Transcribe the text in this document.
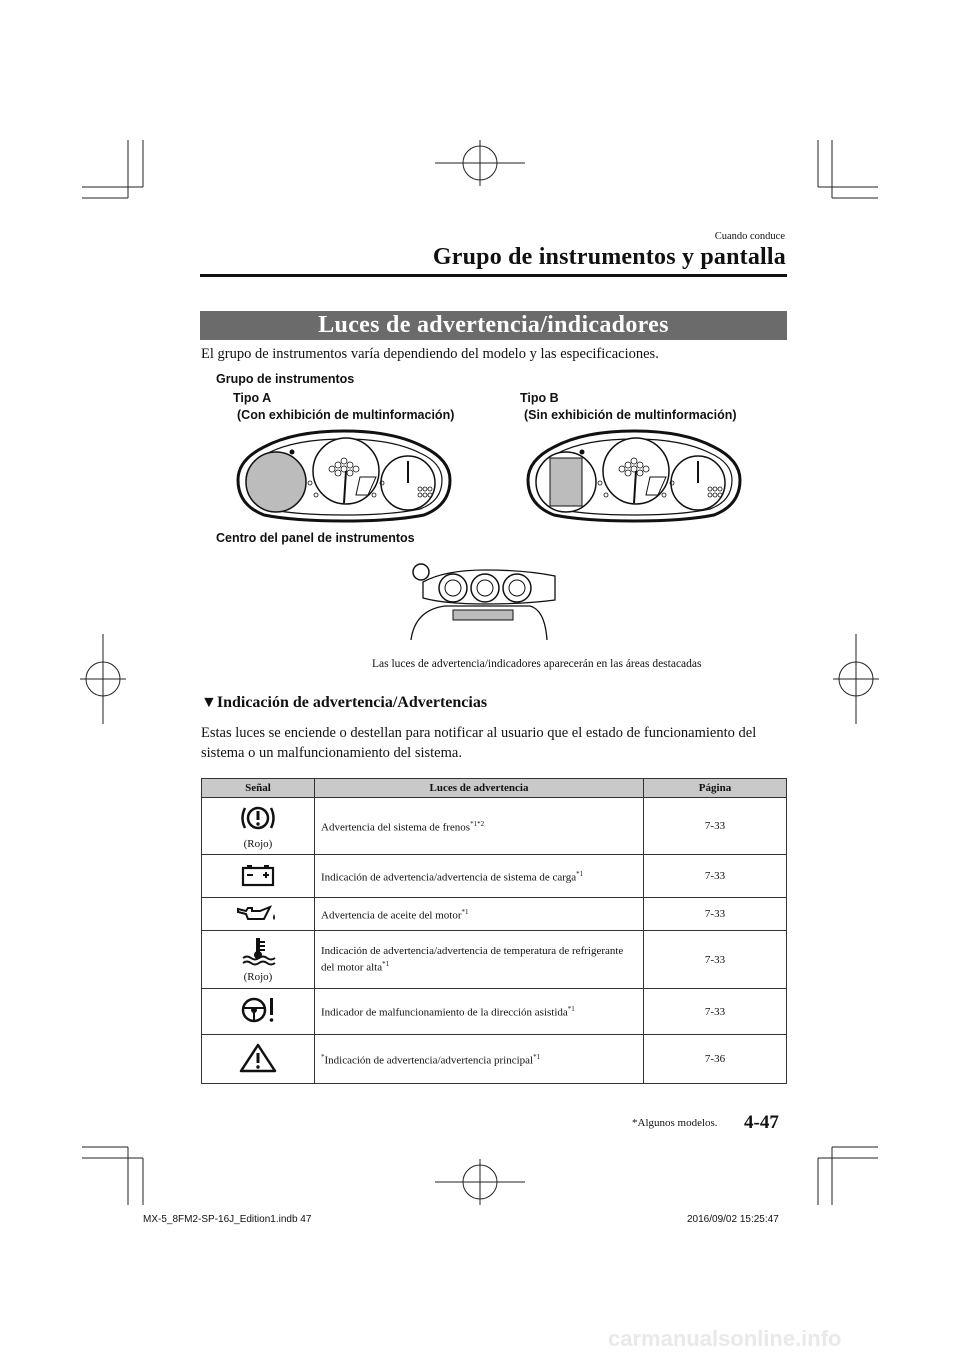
Cuando conduce
Grupo de instrumentos y pantalla
Luces de advertencia/indicadores
El grupo de instrumentos varía dependiendo del modelo y las especificaciones.
Grupo de instrumentos
Tipo A
(Con exhibición de multinformación)
Tipo B
(Sin exhibición de multinformación)
Centro del panel de instrumentos
Las luces de advertencia/indicadores aparecerán en las áreas destacadas
▼Indicación de advertencia/Advertencias
Estas luces se enciende o destellan para notificar al usuario que el estado de funcionamiento del sistema o un malfuncionamiento del sistema.
Señal	Luces de advertencia	Página

(Rojo)	Advertencia del sistema de frenos$^{*1*2}$	7-33
	Indicación de advertencia/advertencia de sistema de carga$^{*1}$	7-33
	Advertencia de aceite del motor$^{*1}$	7-33

(Rojo)	Indicación de advertencia/advertencia de temperatura de refrigerante del motor alta$^{*1}$	7-33
	Indicador de malfuncionamiento de la dirección asistida$^{*1}$	7-33
	*Indicación de advertencia/advertencia principal$^{*1}$	7-36
*Algunos modelos. 4-47
MX-5_8FM2-SP-16J_Edition1.indb 47	2016/09/02 15:25:47
carmanualsonline.info
